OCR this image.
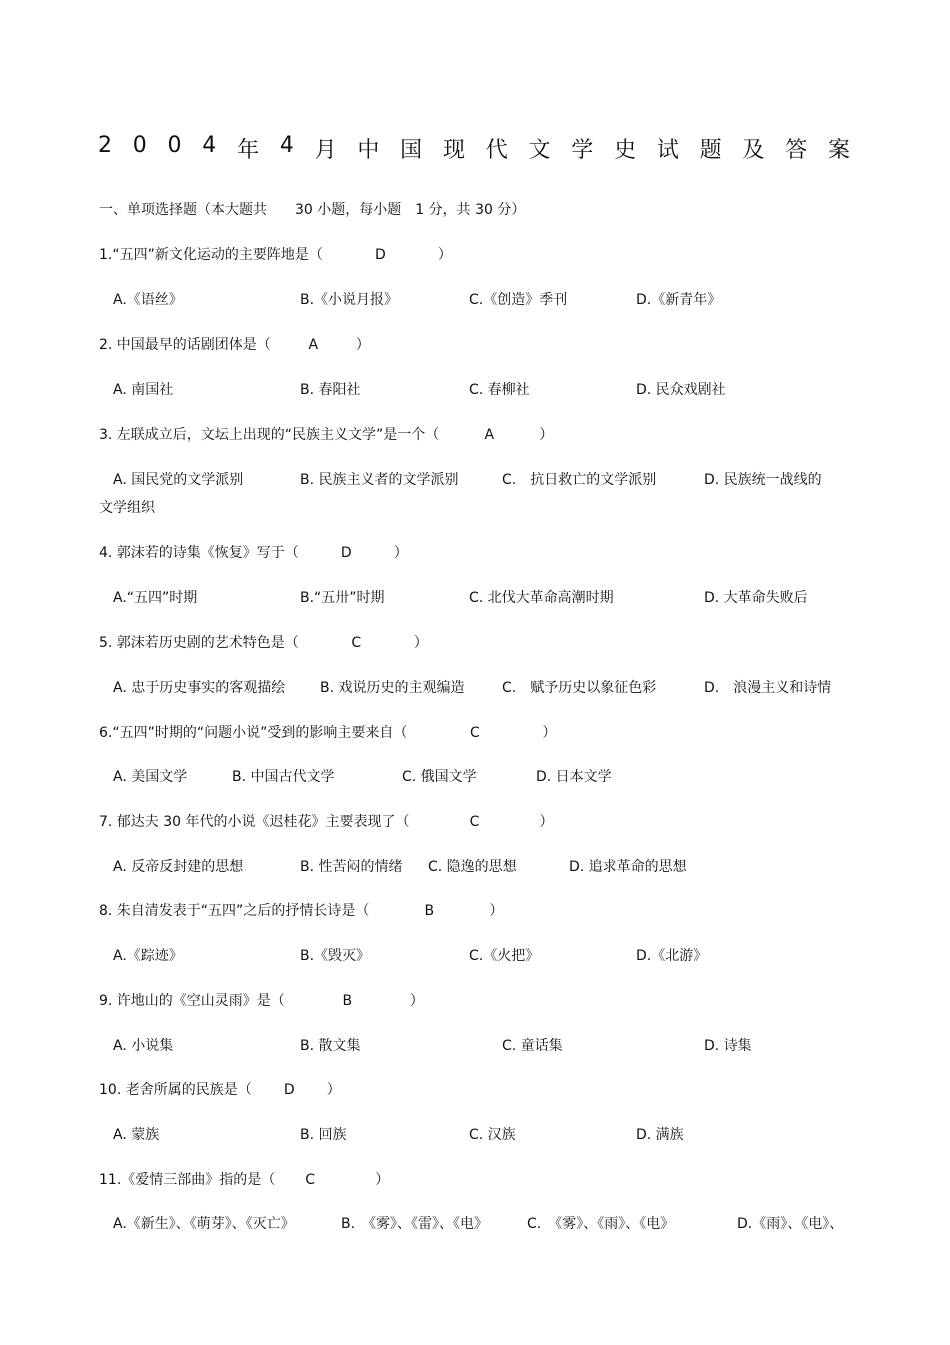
2 0 0 4 年 4 月 中 国 现 代 文 学 史 试 题 及 答 案
一、单项选择题（本大题共　　30 小题，每小题　1 分，共 30 分）
1.“五四”新文化运动的主要阵地是（	D	）
A.《语丝》	B.《小说月报》	C.《创造》季刊	D.《新青年》
2. 中国最早的话剧团体是（	A	）
A. 南国社	B. 春阳社	C. 春柳社	D. 民众戏剧社
3. 左联成立后，文坛上出现的“民族主义文学”是一个（	A	）
A. 国民党的文学派别	B. 民族主义者的文学派别	C.　抗日救亡的文学派别	D. 民族统一战线的
文学组织
4. 郭沫若的诗集《恢复》写于（	D	）
A.“五四”时期	B.“五卅”时期	C. 北伐大革命高潮时期	D. 大革命失败后
5. 郭沫若历史剧的艺术特色是（	C	）
A. 忠于历史事实的客观描绘 B. 戏说历史的主观编造	C.　赋予历史以象征色彩	D.　浪漫主义和诗情
6.“五四”时期的“问题小说”受到的影响主要来自（	C	）
A. 美国文学	B. 中国古代文学	C. 俄国文学	D. 日本文学
7. 郁达夫 30 年代的小说《迟桂花》主要表现了（	C	）
A. 反帝反封建的思想	B. 性苦闷的情绪 C. 隐逸的思想	D. 追求革命的思想
8. 朱自清发表于“五四”之后的抒情长诗是（	B	）
A.《踪迹》	B.《毁灭》	C.《火把》	D.《北游》
9. 许地山的《空山灵雨》是（	B	）
A. 小说集	B. 散文集	C. 童话集	D. 诗集
10. 老舍所属的民族是（ D ）
A. 蒙族	B. 回族	C. 汉族	D. 满族
11.《爱情三部曲》指的是（ C	）
A.《新生》、《萌芽》、《灭亡》	B.　《雾》、《雷》、《电》	C.　《雾》、《雨》、《电》	D.《雨》、《电》、
